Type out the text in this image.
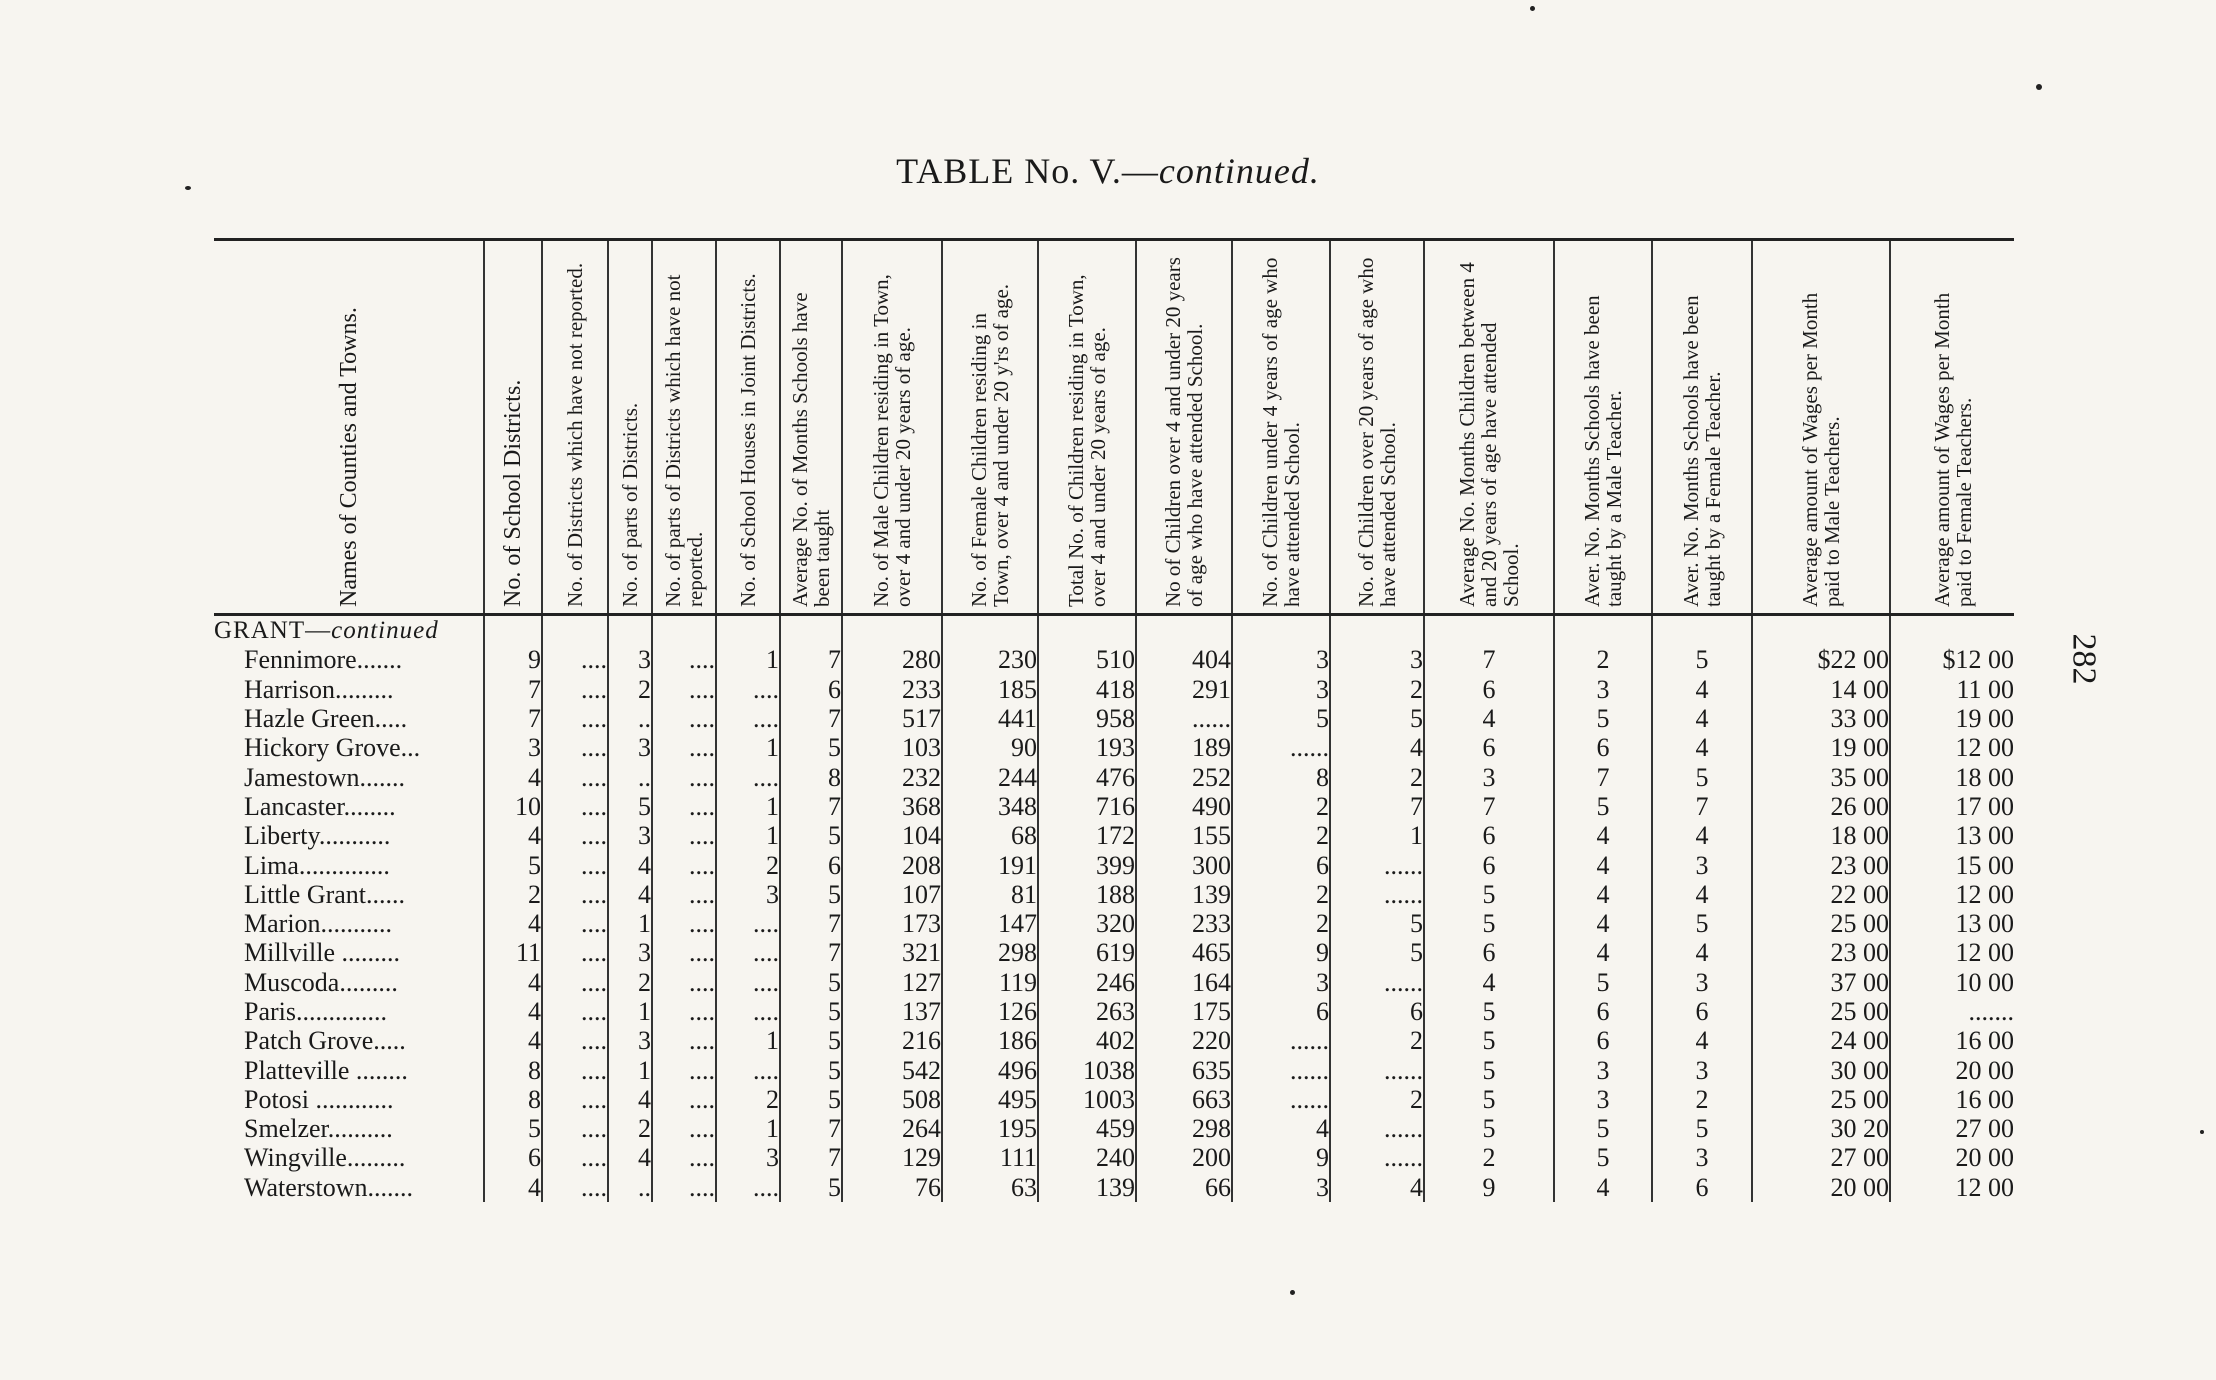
TABLE No. V.—continued.
282
Names of Counties and Towns.	No. of School Districts.	No. of Districts which have not reported.	No. of parts of Districts.	No. of parts of Districts which have not reported.	No. of School Houses in Joint Districts.	Average No. of Months Schools have been taught	No. of Male Children residing in Town, over 4 and under 20 years of age.	No. of Female Children residing in Town, over 4 and under 20 y'rs of age.	Total No. of Children residing in Town, over 4 and under 20 years of age.	No of Children over 4 and under 20 years of age who have attended School.	No. of Children under 4 years of age who have attended School.	No. of Children over 20 years of age who have attended School.	Average No. Months Children between 4 and 20 years of age have attended School.	Aver. No. Months Schools have been taught by a Male Teacher.	Aver. No. Months Schools have been taught by a Female Teacher.	Average amount of Wages per Month paid to Male Teachers.	Average amount of Wages per Month paid to Female Teachers.

GRANT—continued																	
Fennimore.......	9	....	3	....	1	7	280	230	510	404	3	3	7	2	5	$22 00	$12 00
Harrison.........	7	....	2	....	....	6	233	185	418	291	3	2	6	3	4	14 00	11 00
Hazle Green.....	7	....	..	....	....	7	517	441	958	......	5	5	4	5	4	33 00	19 00
Hickory Grove...	3	....	3	....	1	5	103	90	193	189	......	4	6	6	4	19 00	12 00
Jamestown.......	4	....	..	....	....	8	232	244	476	252	8	2	3	7	5	35 00	18 00
Lancaster........	10	....	5	....	1	7	368	348	716	490	2	7	7	5	7	26 00	17 00
Liberty...........	4	....	3	....	1	5	104	68	172	155	2	1	6	4	4	18 00	13 00
Lima..............	5	....	4	....	2	6	208	191	399	300	6	......	6	4	3	23 00	15 00
Little Grant......	2	....	4	....	3	5	107	81	188	139	2	......	5	4	4	22 00	12 00
Marion...........	4	....	1	....	....	7	173	147	320	233	2	5	5	4	5	25 00	13 00
Millville .........	11	....	3	....	....	7	321	298	619	465	9	5	6	4	4	23 00	12 00
Muscoda.........	4	....	2	....	....	5	127	119	246	164	3	......	4	5	3	37 00	10 00
Paris..............	4	....	1	....	....	5	137	126	263	175	6	6	5	6	6	25 00	.......
Patch Grove.....	4	....	3	....	1	5	216	186	402	220	......	2	5	6	4	24 00	16 00
Platteville ........	8	....	1	....	....	5	542	496	1038	635	......	......	5	3	3	30 00	20 00
Potosi ............	8	....	4	....	2	5	508	495	1003	663	......	2	5	3	2	25 00	16 00
Smelzer..........	5	....	2	....	1	7	264	195	459	298	4	......	5	5	5	30 20	27 00
Wingville.........	6	....	4	....	3	7	129	111	240	200	9	......	2	5	3	27 00	20 00
Waterstown.......	4	....	..	....	....	5	76	63	139	66	3	4	9	4	6	20 00	12 00
